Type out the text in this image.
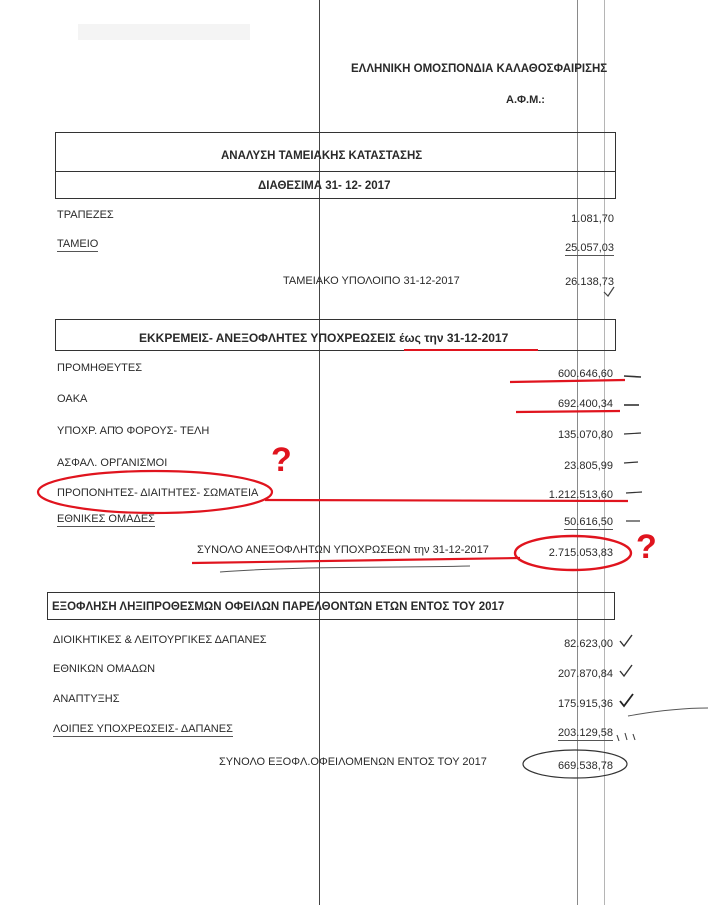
ΕΛΛΗΝΙΚΗ ΟΜΟΣΠΟΝΔΙΑ ΚΑΛΑΘΟΣΦΑΙΡΙΣΗΣ
Α.Φ.Μ.:
ΑΝΑΛΥΣΗ ΤΑΜΕΙΑΚΗΣ ΚΑΤΑΣΤΑΣΗΣ
ΔΙΑΘΕΣΙΜΑ 31- 12- 2017
ΤΡΑΠΕΖΕΣ	1.081,70
ΤΑΜΕΙΟ	25.057,03
ΤΑΜΕΙΑΚΟ ΥΠΟΛΟΙΠΟ 31-12-2017	26.138,73
ΕΚΚΡΕΜΕΙΣ- ΑΝΕΞΟΦΛΗΤΕΣ ΥΠΟΧΡΕΩΣΕΙΣ έως την 31-12-2017
ΠΡΟΜΗΘΕΥΤΕΣ	600.646,60
ΟΑΚΑ	692.400,34
ΥΠΟΧΡ. ΑΠΌ ΦΟΡΟΥΣ- ΤΕΛΗ	135.070,80
ΑΣΦΑΛ. ΟΡΓΑΝΙΣΜΟΙ	23.805,99
ΠΡΟΠΟΝΗΤΕΣ- ΔΙΑΙΤΗΤΕΣ- ΣΩΜΑΤΕΙΑ	1.212.513,60
ΕΘΝΙΚΕΣ ΟΜΑΔΕΣ	50.616,50
ΣΥΝΟΛΟ ΑΝΕΞΟΦΛΗΤΩΝ ΥΠΟΧΡΩΣΕΩΝ την 31-12-2017	2.715.053,83
ΕΞΟΦΛΗΣΗ ΛΗΞΙΠΡΟΘΕΣΜΩΝ ΟΦΕΙΛΩΝ ΠΑΡΕΛΘΟΝΤΩΝ ΕΤΩΝ ΕΝΤΟΣ ΤΟΥ 2017
ΔΙΟΙΚΗΤΙΚΕΣ & ΛΕΙΤΟΥΡΓΙΚΕΣ ΔΑΠΑΝΕΣ	82.623,00
ΕΘΝΙΚΩΝ ΟΜΑΔΩΝ	207.870,84
ΑΝΑΠΤΥΞΗΣ	175.915,36
ΛΟΙΠΕΣ ΥΠΟΧΡΕΩΣΕΙΣ- ΔΑΠΑΝΕΣ	203.129,58
ΣΥΝΟΛΟ ΕΞΟΦΛ.ΟΦΕΙΛΟΜΕΝΩΝ ΕΝΤΟΣ ΤΟΥ 2017	669.538,78
?
?
